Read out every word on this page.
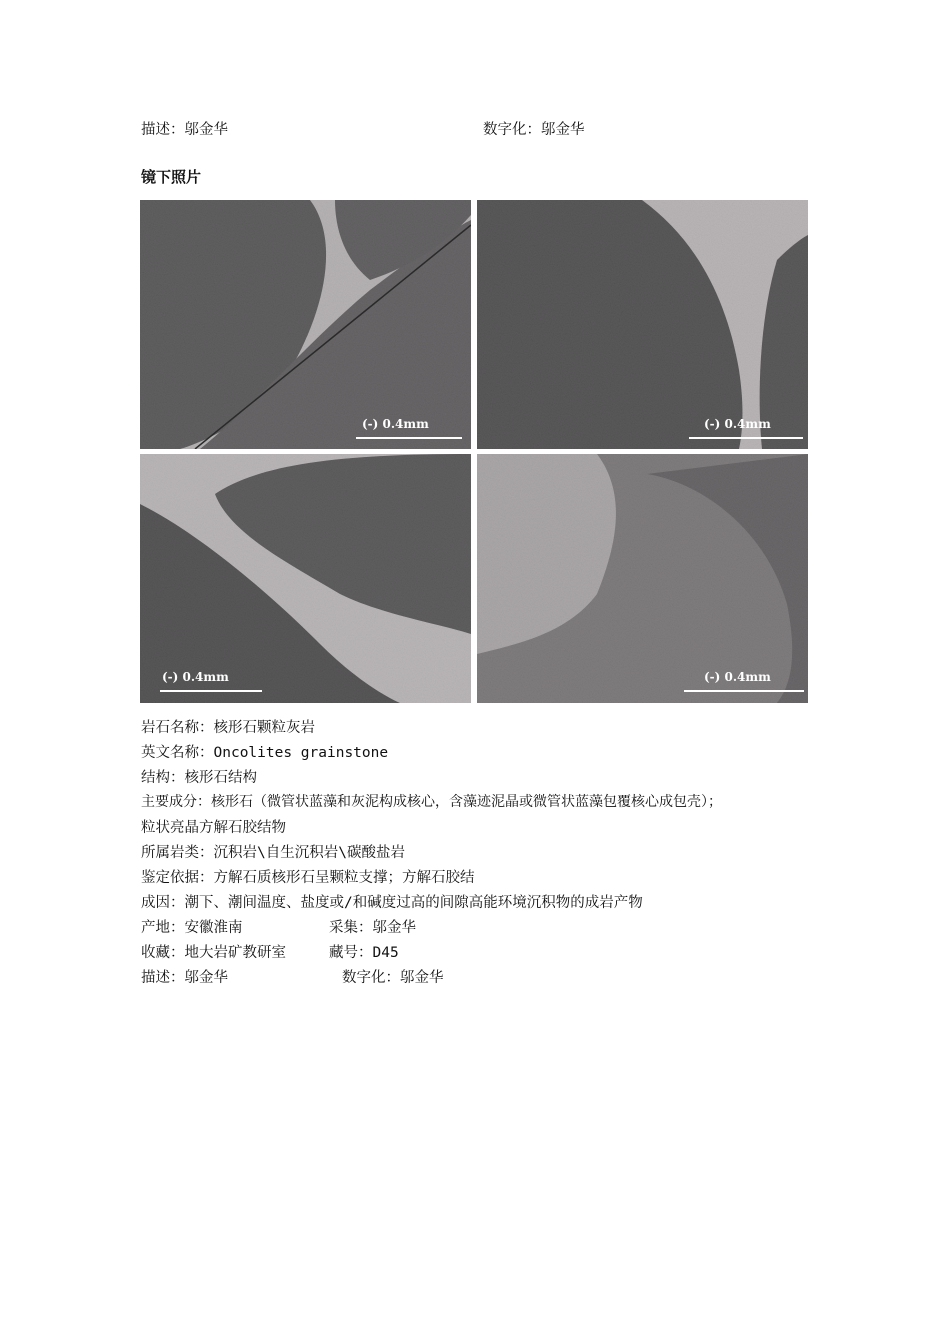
描述：邬金华	数字化：邬金华
镜下照片
(-) 0.4mm	(-) 0.4mm
(-) 0.4mm	(-) 0.4mm
岩石名称：核形石颗粒灰岩
英文名称：Oncolites grainstone
结构：核形石结构
主要成分：核形石（微管状蓝藻和灰泥构成核心，含藻迹泥晶或微管状蓝藻包覆核心成包壳）；
粒状亮晶方解石胶结物
所属岩类：沉积岩\自生沉积岩\碳酸盐岩
鉴定依据：方解石质核形石呈颗粒支撑；方解石胶结
成因：潮下、潮间温度、盐度或/和碱度过高的间隙高能环境沉积物的成岩产物
产地：安徽淮南	采集：邬金华
收藏：地大岩矿教研室	藏号：D45
描述：邬金华	数字化：邬金华
